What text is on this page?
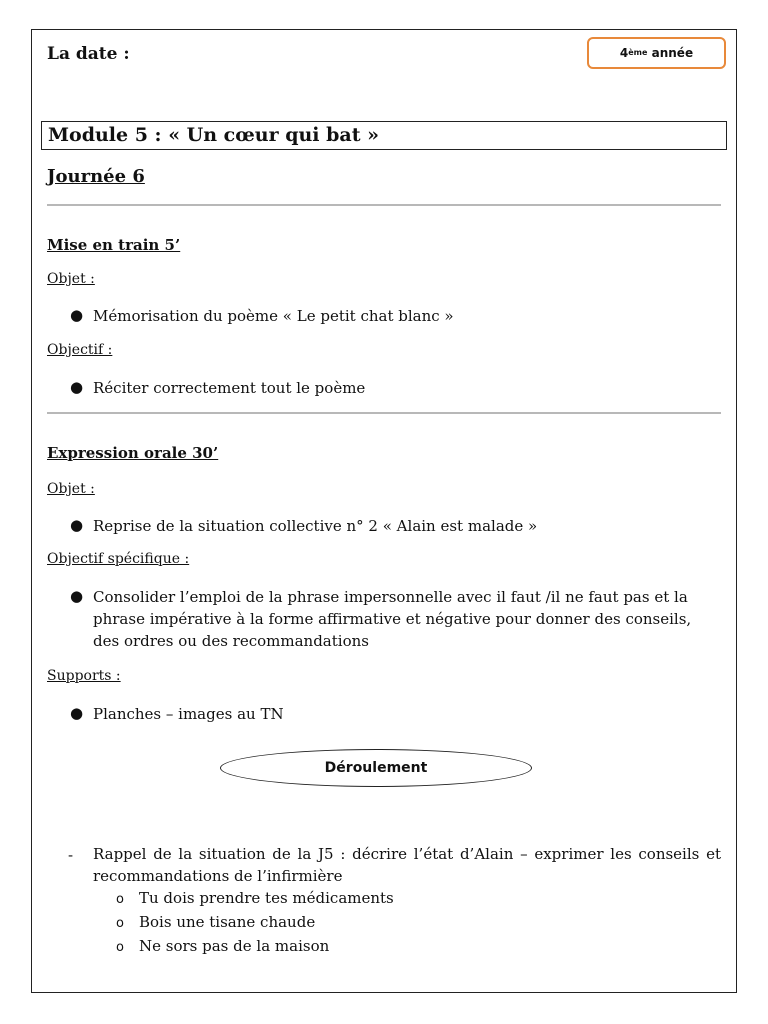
La date :	4ème
année
Module 5 : « Un cœur qui bat »
Journée 6
Mise en train 5’
Objet :
● Mémorisation du poème « Le petit chat blanc »
Objectif :
● Réciter correctement tout le poème
Expression orale 30’
Objet :
● Reprise de la situation collective n° 2 « Alain est malade »
Objectif spécifique :
● Consolider l’emploi de la phrase impersonnelle avec il faut /il ne faut pas et la phrase impérative à la forme affirmative et négative pour donner des conseils, des ordres ou des recommandations
Supports :
● Planches – images au TN
Déroulement
- Rappel de la situation de la J5 : décrire l’état d’Alain – exprimer les conseils et recommandations de l’infirmière
o Tu dois prendre tes médicaments
o Bois une tisane chaude
o Ne sors pas de la maison
